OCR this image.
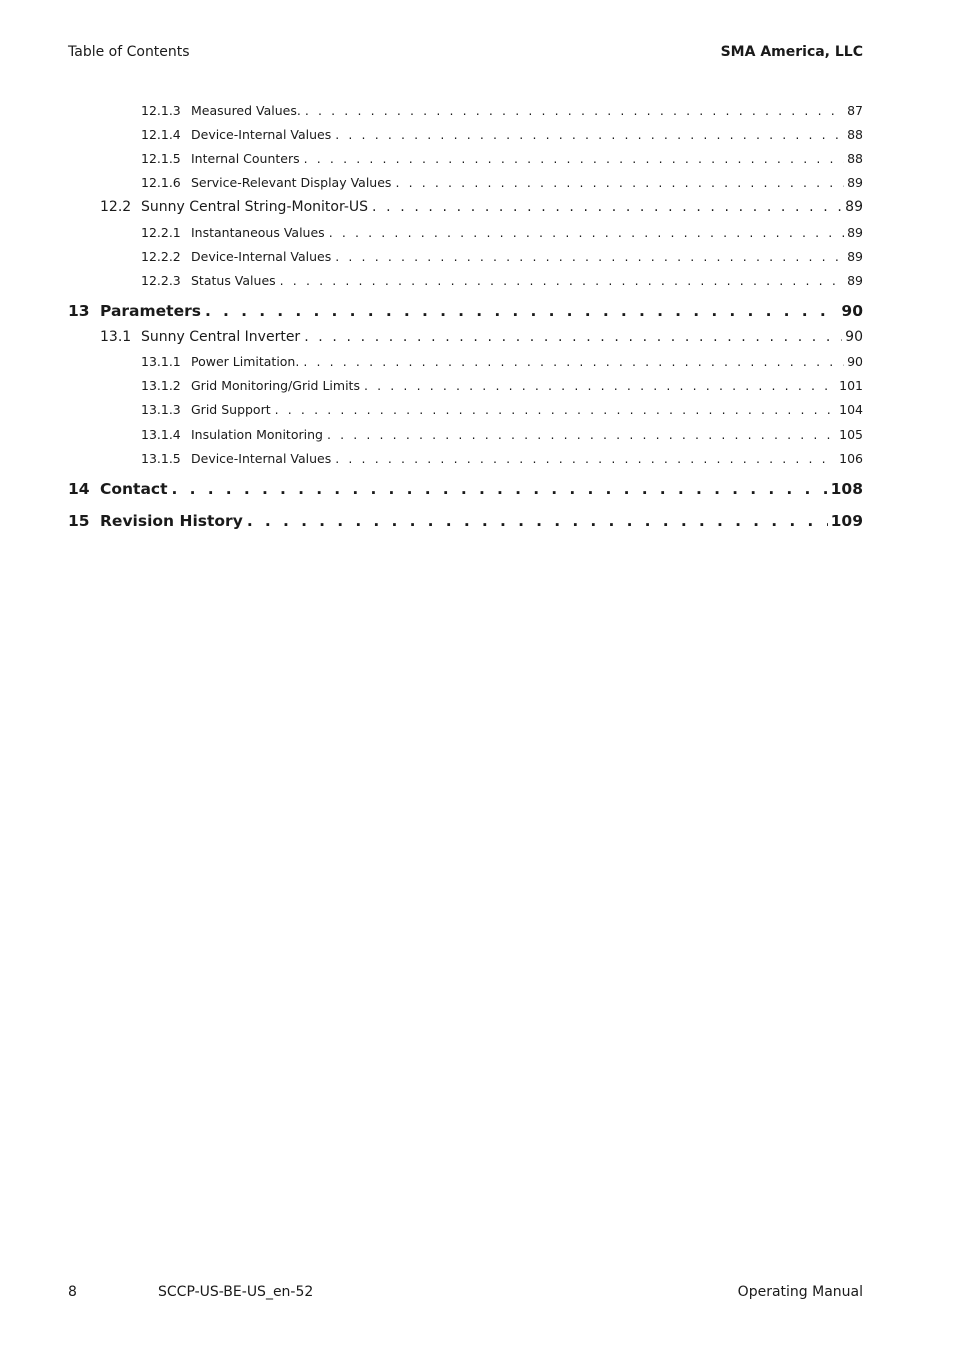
Table of Contents	SMA America, LLC
12.1.3 Measured Values. . . .	87
12.1.4 Device-Internal Values . . .	88
12.1.5 Internal Counters . . .	88
12.1.6 Service-Relevant Display Values . . .	89
12.2 Sunny Central String-Monitor-US . . .	89
12.2.1 Instantaneous Values . . .	89
12.2.2 Device-Internal Values . . .	89
12.2.3 Status Values . . .	89
13 Parameters . . .	90
13.1 Sunny Central Inverter . . .	90
13.1.1 Power Limitation. . . .	90
13.1.2 Grid Monitoring/Grid Limits . . .	101
13.1.3 Grid Support . . .	104
13.1.4 Insulation Monitoring . . .	105
13.1.5 Device-Internal Values . . .	106
14 Contact . . .	108
15 Revision History . . .	109
8	SCCP-US-BE-US_en-52	Operating Manual
